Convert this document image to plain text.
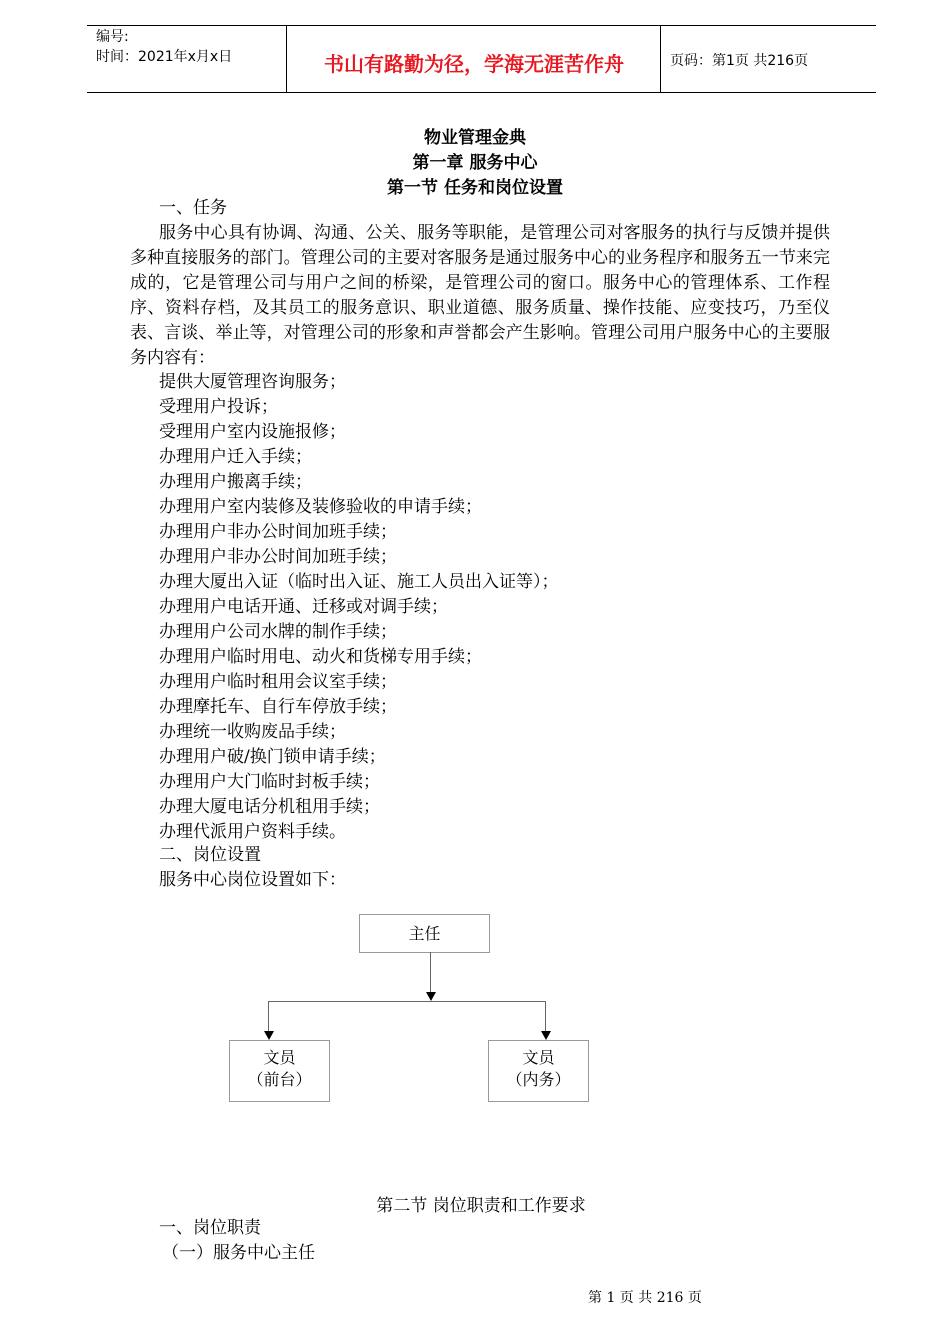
编号:
时间：2021年x月x日	书山有路勤为径，学海无涯苦作舟	页码：第1页 共216页
物业管理金典
第一章 服务中心
第一节 任务和岗位设置
一、任务
服务中心具有协调、沟通、公关、服务等职能，是管理公司对客服务的执行与反馈并提供多种直接服务的部门。管理公司的主要对客服务是通过服务中心的业务程序和服务五一节来完成的，它是管理公司与用户之间的桥梁，是管理公司的窗口。服务中心的管理体系、工作程序、资料存档，及其员工的服务意识、职业道德、服务质量、操作技能、应变技巧，乃至仪表、言谈、举止等，对管理公司的形象和声誉都会产生影响。管理公司用户服务中心的主要服务内容有：
提供大厦管理咨询服务；
受理用户投诉；
受理用户室内设施报修；
办理用户迁入手续；
办理用户搬离手续；
办理用户室内装修及装修验收的申请手续；
办理用户非办公时间加班手续；
办理用户非办公时间加班手续；
办理大厦出入证（临时出入证、施工人员出入证等）；
办理用户电话开通、迁移或对调手续；
办理用户公司水牌的制作手续；
办理用户临时用电、动火和货梯专用手续；
办理用户临时租用会议室手续；
办理摩托车、自行车停放手续；
办理统一收购废品手续；
办理用户破/换门锁申请手续；
办理用户大门临时封板手续；
办理大厦电话分机租用手续；
办理代派用户资料手续。
二、岗位设置
服务中心岗位设置如下：
主任
文员
（前台）
文员
（内务）
第二节 岗位职责和工作要求
一、岗位职责
（一）服务中心主任
第 1 页 共 216 页
